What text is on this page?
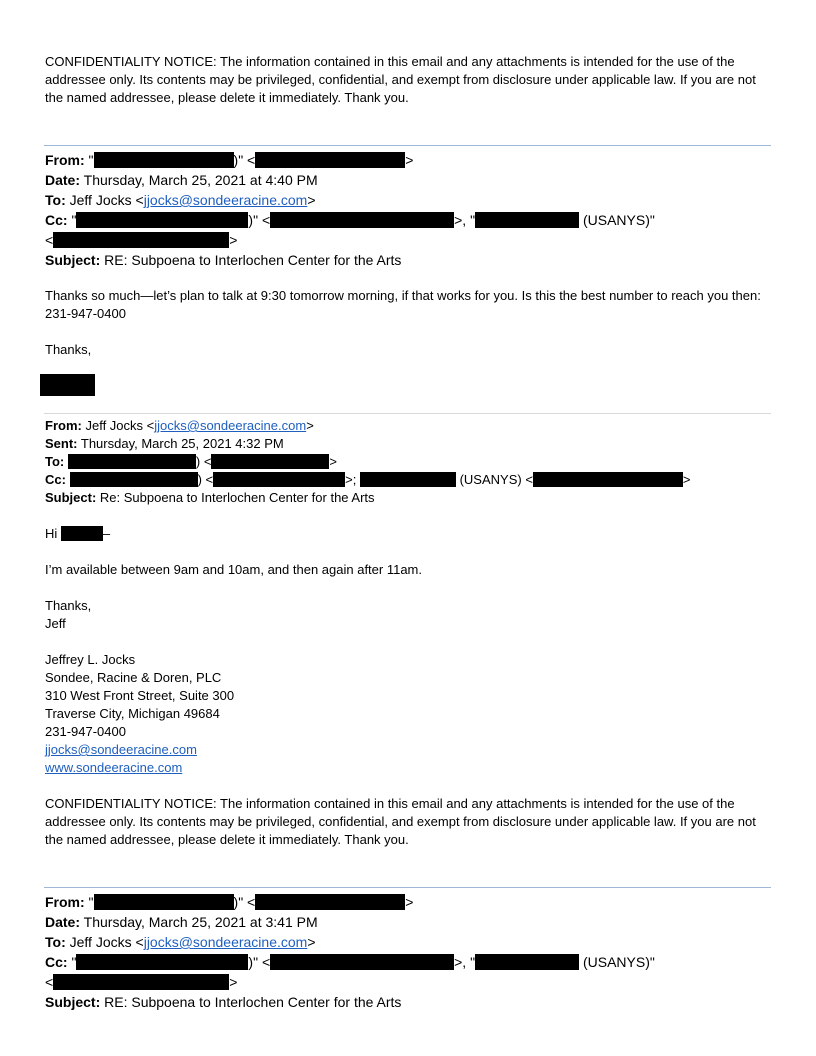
CONFIDENTIALITY NOTICE: The information contained in this email and any attachments is intended for the use of the addressee only. Its contents may be privileged, confidential, and exempt from disclosure under applicable law. If you are not the named addressee, please delete it immediately. Thank you.
From: "	)" <	>
Date: Thursday, March 25, 2021 at 4:40 PM
To: Jeff Jocks <jjocks@sondeeracine.com>
Cc: "	)" <	>, "	(USANYS)"
<	>
Subject: RE: Subpoena to Interlochen Center for the Arts
Thanks so much—let’s plan to talk at 9:30 tomorrow morning, if that works for you. Is this the best number to reach you then: 231-947-0400
Thanks,
From: Jeff Jocks <jjocks@sondeeracine.com>
Sent: Thursday, March 25, 2021 4:32 PM
To:	) <	>
Cc:	) <	>;	(USANYS) <	>
Subject: Re: Subpoena to Interlochen Center for the Arts
Hi	–
I’m available between 9am and 10am, and then again after 11am.
Thanks,
Jeff
Jeffrey L. Jocks
Sondee, Racine & Doren, PLC
310 West Front Street, Suite 300
Traverse City, Michigan 49684
231-947-0400
jjocks@sondeeracine.com
www.sondeeracine.com
CONFIDENTIALITY NOTICE: The information contained in this email and any attachments is intended for the use of the addressee only. Its contents may be privileged, confidential, and exempt from disclosure under applicable law. If you are not the named addressee, please delete it immediately. Thank you.
From: "	)" <	>
Date: Thursday, March 25, 2021 at 3:41 PM
To: Jeff Jocks <jjocks@sondeeracine.com>
Cc: "	)" <	>, "	(USANYS)"
<	>
Subject: RE: Subpoena to Interlochen Center for the Arts
